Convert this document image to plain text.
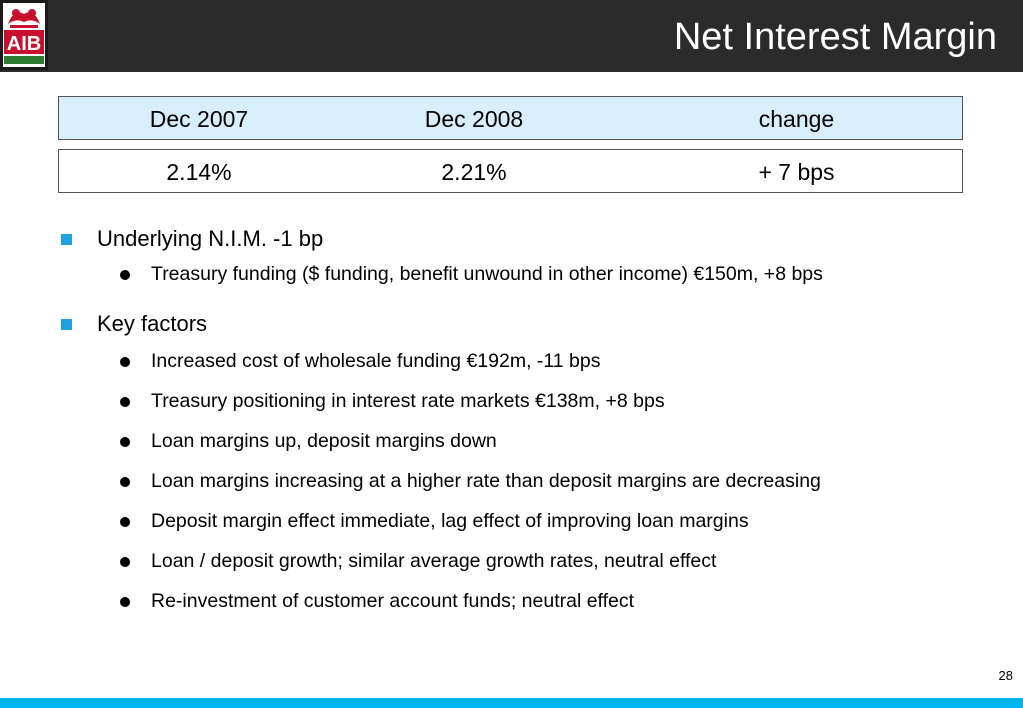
AIB	Net Interest Margin
Dec 2007	Dec 2008	change
2.14%	2.21%	+ 7 bps
Underlying N.I.M. -1 bp
Treasury funding ($ funding, benefit unwound in other income) €150m, +8 bps
Key factors
Increased cost of wholesale funding €192m, -11 bps
Treasury positioning in interest rate markets €138m, +8 bps
Loan margins up, deposit margins down
Loan margins increasing at a higher rate than deposit margins are decreasing
Deposit margin effect immediate, lag effect of improving loan margins
Loan / deposit growth; similar average growth rates, neutral effect
Re-investment of customer account funds; neutral effect
28
